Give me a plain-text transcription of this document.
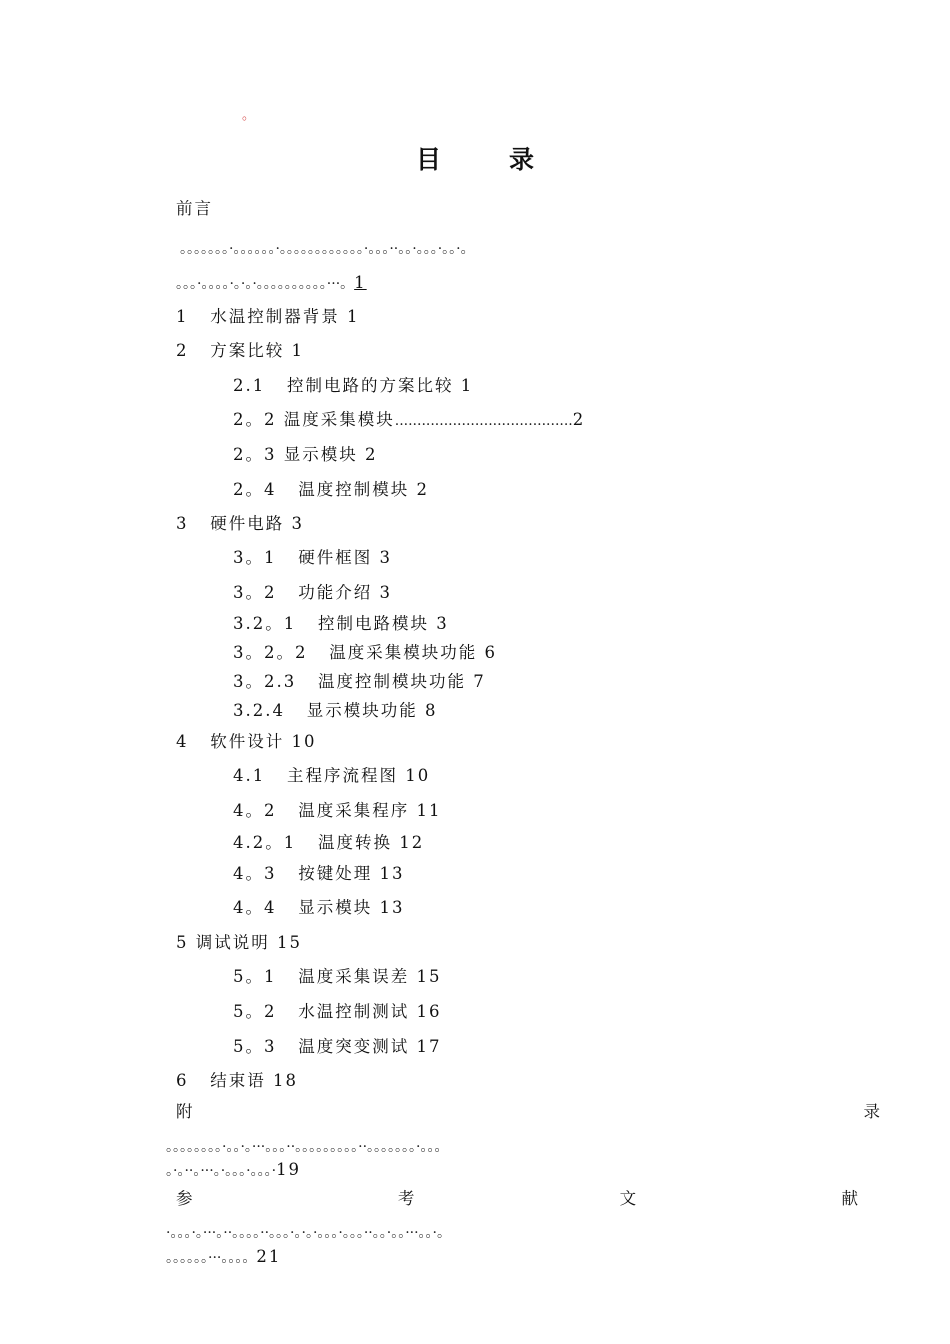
。
目	录
前言
。。。。。。。·。。。。。。·。。。。。。。。。。。。·。。。··。。·。。。·。。·。
。。。·。。。。·。·。·。。。。。。。。。。···。1
1 水温控制器背景 1
2 方案比较 1
2.1 控制电路的方案比较 1
2。2 温度采集模块........................................2
2。3 显示模块 2
2。4 温度控制模块 2
3 硬件电路 3
3。1 硬件框图 3
3。2 功能介绍 3
3.2。1 控制电路模块 3
3。2。2 温度采集模块功能 6
3。2.3 温度控制模块功能 7
3.2.4 显示模块功能 8
4 软件设计 10
4.1 主程序流程图 10
4。2 温度采集程序 11
4.2。1 温度转换 12
4。3 按键处理 13
4。4 显示模块 13
5 调试说明 15
5。1 温度采集误差 15
5。2 水温控制测试 16
5。3 温度突变测试 17
6 结束语 18
附	录
。。。。。。。。·。。·。···。。。··。。。。。。。。。··。。。。。。。·。。。
。·。··。···。·。。。·。。。·19
参	考	文	献
·。。。·。···。··。。。。··。。。·。·。·。。。·。。。··。。·。。···。。·。
。。。。。。···。。。。21
